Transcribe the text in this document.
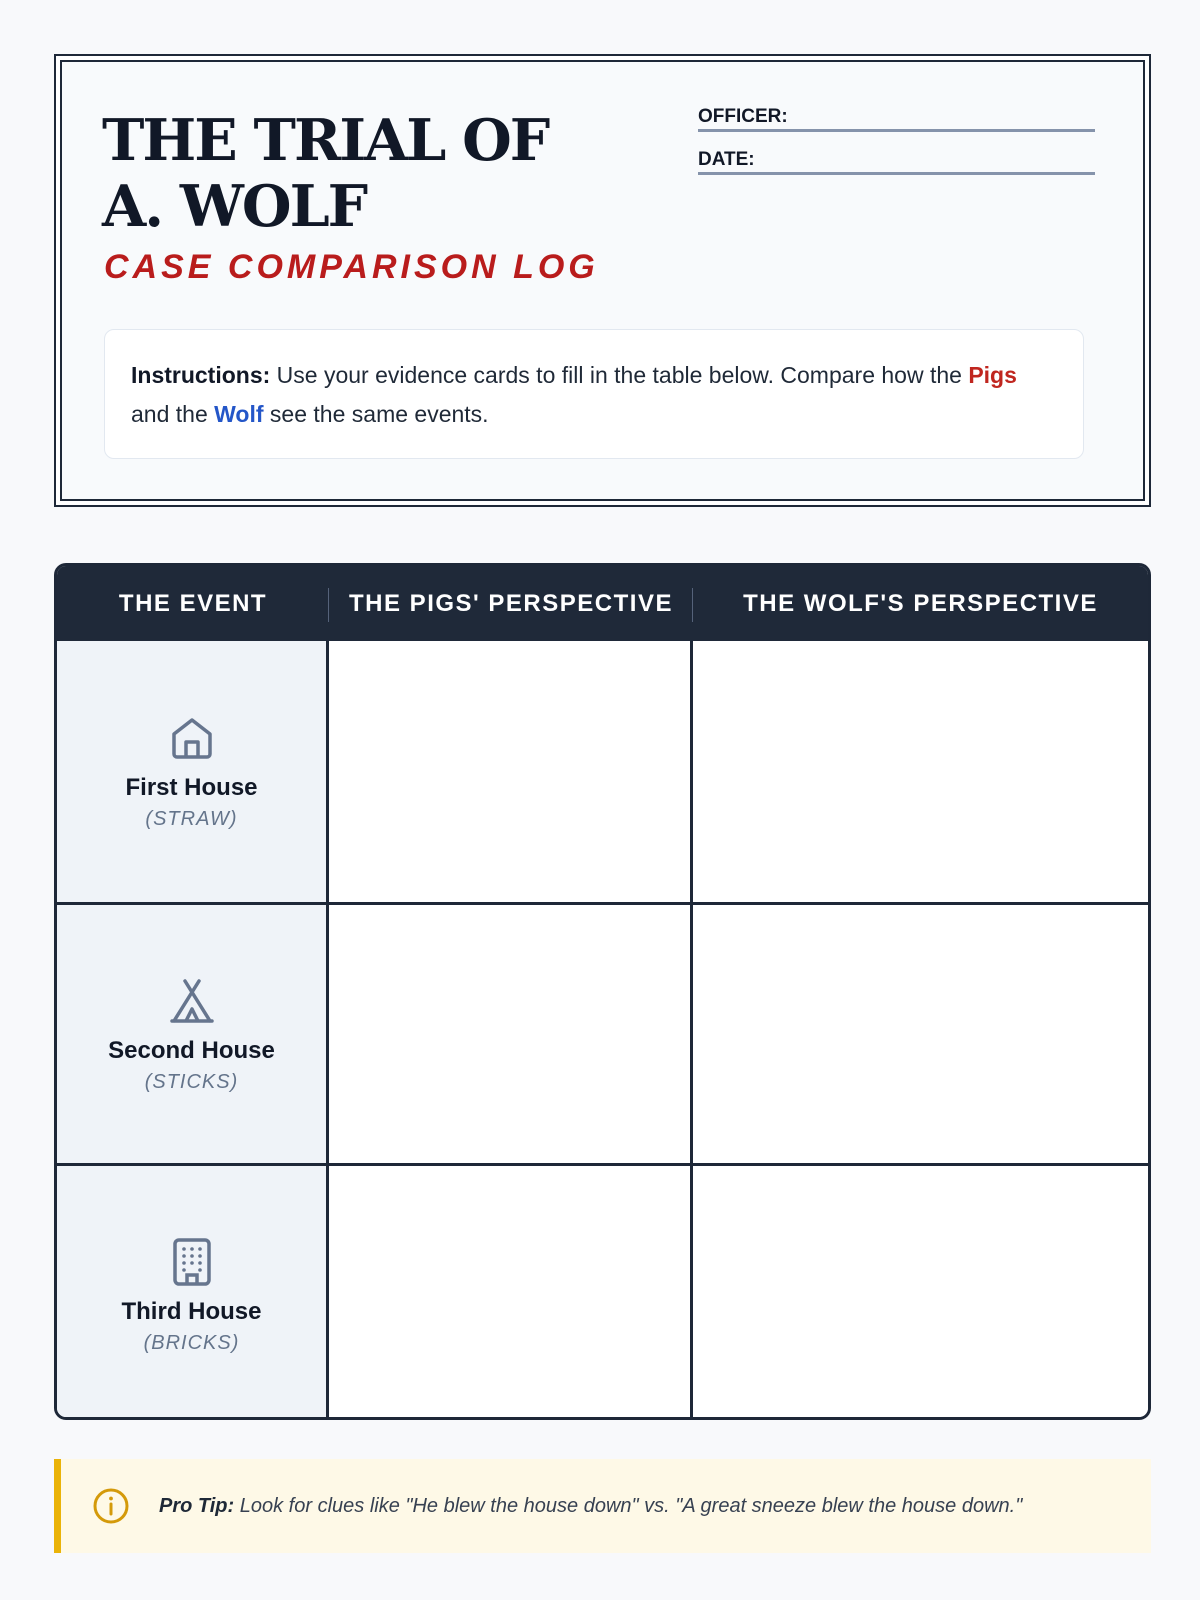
THE TRIAL OF A. WOLF
CASE COMPARISON LOG
OFFICER:
DATE:
Instructions: Use your evidence cards to fill in the table below. Compare how the Pigs and the Wolf see the same events.
THE EVENT	THE PIGS' PERSPECTIVE	THE WOLF'S PERSPECTIVE
First House
(STRAW)
Second House
(STICKS)
Third House
(BRICKS)
Pro Tip: Look for clues like "He blew the house down" vs. "A great sneeze blew the house down."
